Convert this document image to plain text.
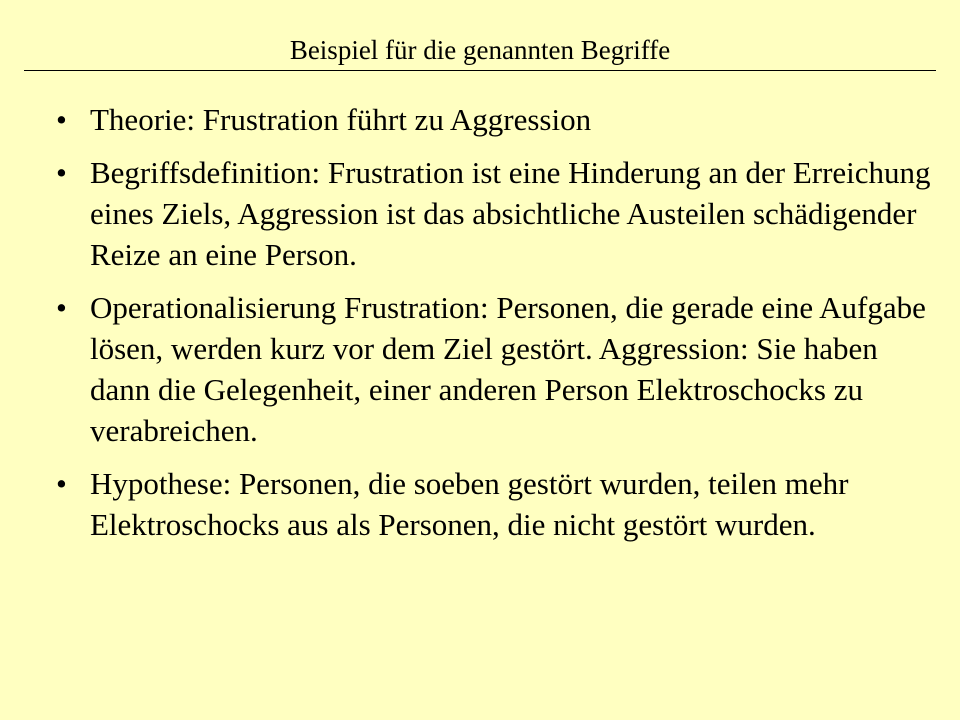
Beispiel für die genannten Begriffe
• Theorie: Frustration führt zu Aggression
• Begriffsdefinition: Frustration ist eine Hinderung an der Erreichung eines Ziels, Aggression ist das absichtliche Austeilen schädigender Reize an eine Person.
• Operationalisierung Frustration: Personen, die gerade eine Aufgabe lösen, werden kurz vor dem Ziel gestört. Aggression: Sie haben dann die Gelegenheit, einer anderen Person Elektroschocks zu verabreichen.
• Hypothese: Personen, die soeben gestört wurden, teilen mehr Elektroschocks aus als Personen, die nicht gestört wurden.
